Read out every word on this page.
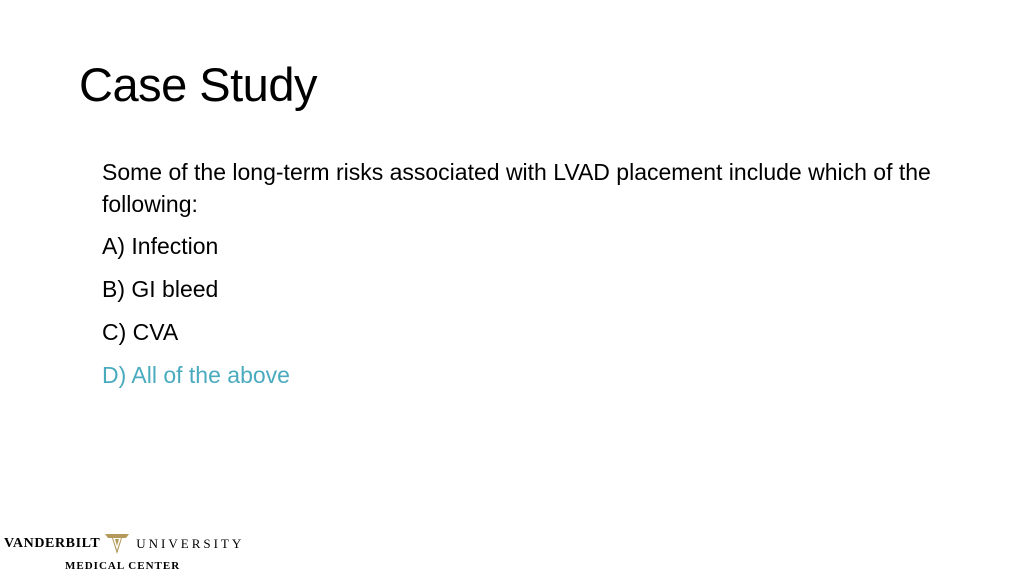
Case Study

Some of the long-term risks associated with LVAD placement include which of the following:

A) Infection

B) GI bleed

C) CVA

D) All of the above

VANDERBILT	UNIVERSITY
MEDICAL CENTER
